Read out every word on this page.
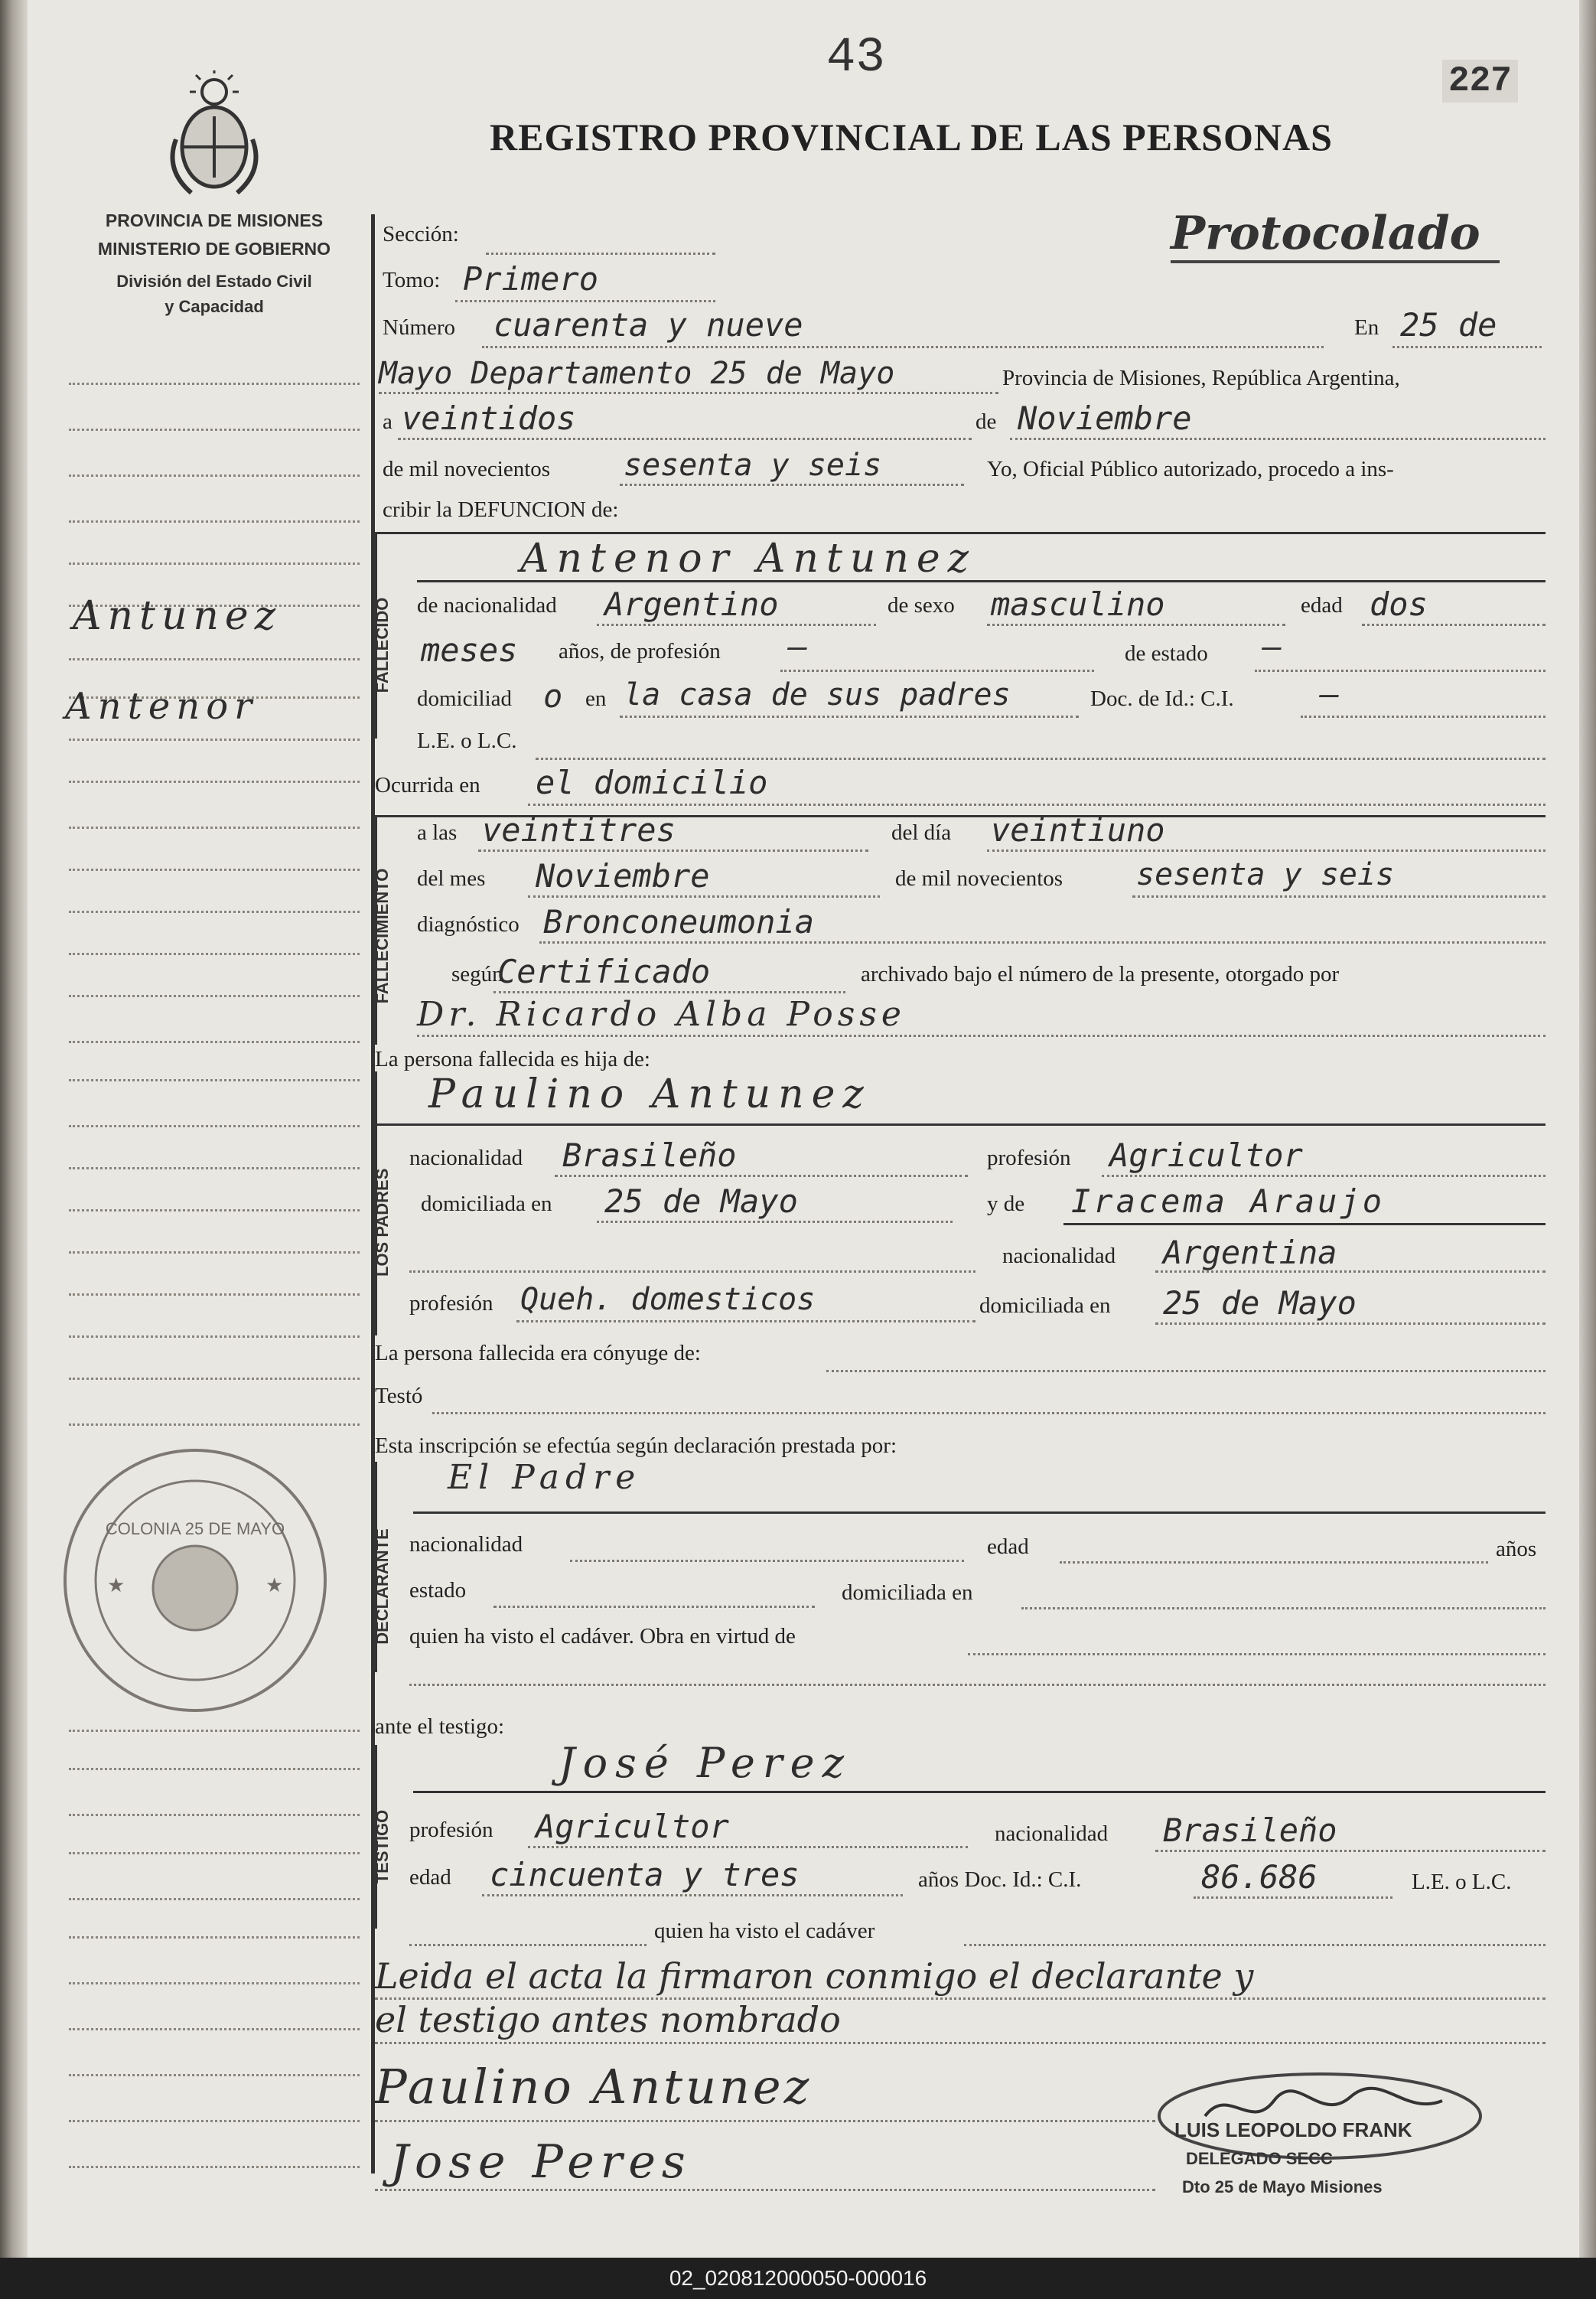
43	227
REGISTRO PROVINCIAL DE LAS PERSONAS
Protocolado
PROVINCIA DE MISIONES
MINISTERIO DE GOBIERNO
División del Estado Civil
y Capacidad
Antunez
Antenor
COLONIA 25 DE MAYO
★	★
Sección:
Tomo: Primero
Número cuarenta y nueve	En 25 de
Mayo Departamento 25 de Mayo	Provincia de Misiones, República Argentina,
a veintidos	de Noviembre
de mil novecientos sesenta y seis	Yo, Oficial Público autorizado, procedo a ins-
cribir la DEFUNCION de:
FALLECIDO
Antenor Antunez
de nacionalidad Argentino	de sexo masculino	edad dos
meses años, de profesión —	de estado —
domiciliad o en la casa de sus padres	Doc. de Id.: C.I.	—
L.E. o L.C.
Ocurrida en el domicilio
FALLECIMIENTO
a las veintitres	del día veintiuno
del mes Noviembre	de mil novecientos sesenta y seis
diagnóstico Bronconeumonia
según
Certificado	archivado bajo el número de la presente, otorgado por
Dr. Ricardo Alba Posse
La persona fallecida es hija de:
LOS PADRES
Paulino Antunez
nacionalidad Brasileño	profesión Agricultor
domiciliada en 25 de Mayo	y de Iracema Araujo
nacionalidad Argentina
profesión Queh. domesticos	domiciliada en 25 de Mayo
La persona fallecida era cónyuge de:
Testó
Esta inscripción se efectúa según declaración prestada por:
DECLARANTE
El Padre
nacionalidad	edad	años
estado	domiciliada en
quien ha visto el cadáver. Obra en virtud de
ante el testigo:
TESTIGO
José Perez
profesión Agricultor	nacionalidad Brasileño
edad cincuenta y tres	años Doc. Id.: C.I.	86.686	L.E. o L.C.
quien ha visto el cadáver
Leida el acta la firmaron conmigo el declarante y
el testigo antes nombrado
Paulino Antunez
Jose Peres
LUIS LEOPOLDO FRANK
DELEGADO SECC
Dto 25 de Mayo Misiones
02_020812000050-000016
